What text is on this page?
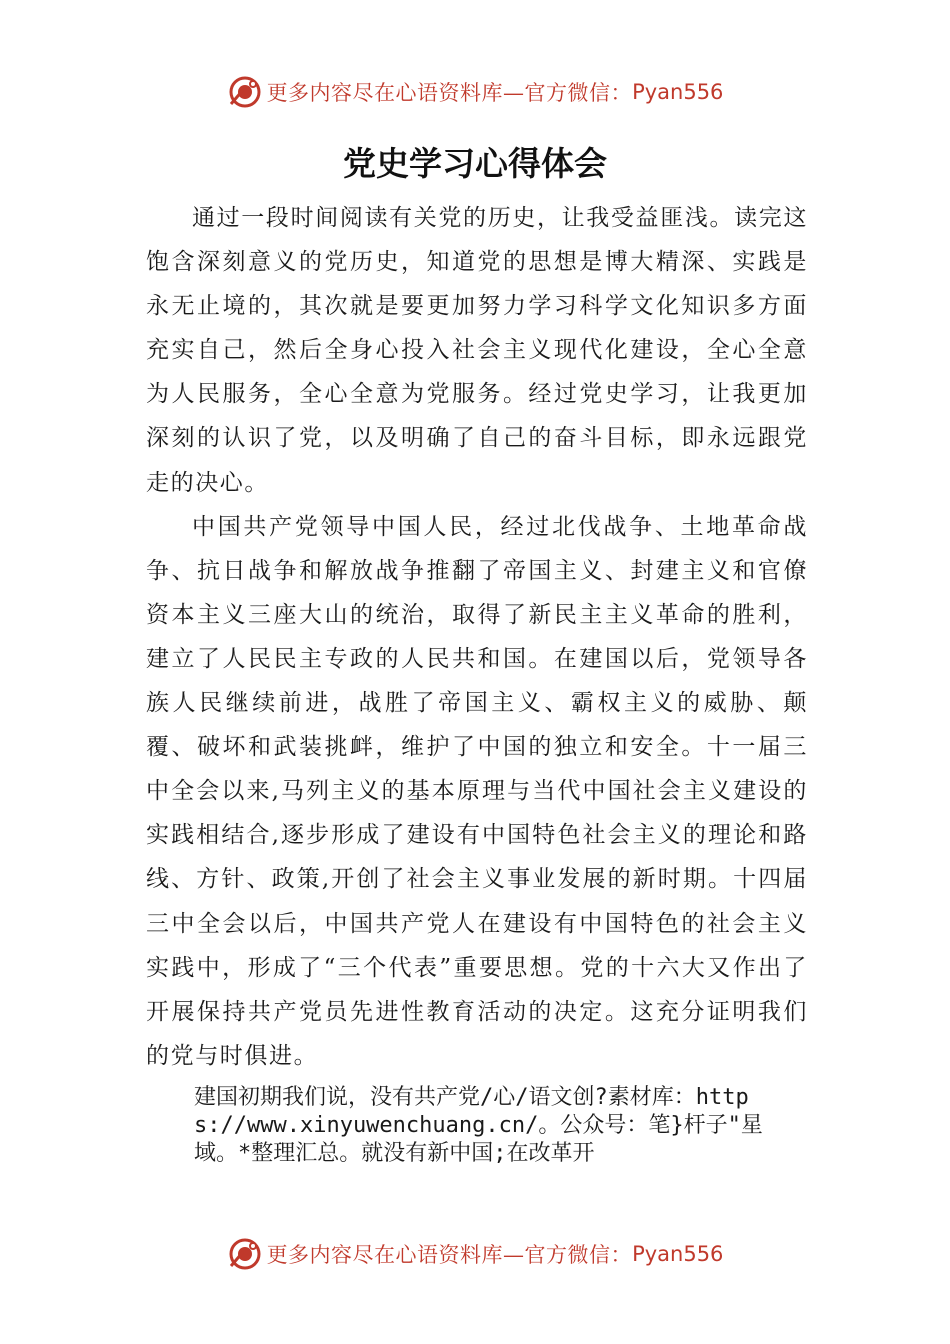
更多内容尽在心语资料库—官方微信： Pyan556
党史学习心得体会

通过一段时间阅读有关党的历史，让我受益匪浅。读完这饱含深刻意义的党历史，知道党的思想是博大精深、实践是永无止境的，其次就是要更加努力学习科学文化知识多方面充实自己，然后全身心投入社会主义现代化建设，全心全意为人民服务，全心全意为党服务。经过党史学习，让我更加深刻的认识了党，以及明确了自己的奋斗目标，即永远跟党走的决心。

中国共产党领导中国人民，经过北伐战争、土地革命战争、抗日战争和解放战争推翻了帝国主义、封建主义和官僚资本主义三座大山的统治，取得了新民主主义革命的胜利，建立了人民民主专政的人民共和国。在建国以后，党领导各族人民继续前进，战胜了帝国主义、霸权主义的威胁、颠覆、破坏和武装挑衅，维护了中国的独立和安全。十一届三中全会以来,马列主义的基本原理与当代中国社会主义建设的实践相结合,逐步形成了建设有中国特色社会主义的理论和路线、方针、政策,开创了社会主义事业发展的新时期。十四届三中全会以后，中国共产党人在建设有中国特色的社会主义实践中，形成了“三个代表”重要思想。党的十六大又作出了开展保持共产党员先进性教育活动的决定。这充分证明我们的党与时俱进。

建国初期我们说，没有共产党/心/语文创?素材库：https://www.xinyuwenchuang.cn/。公众号：笔}杆子"星域。*整理汇总。就没有新中国;在改革开

更多内容尽在心语资料库—官方微信： Pyan556
